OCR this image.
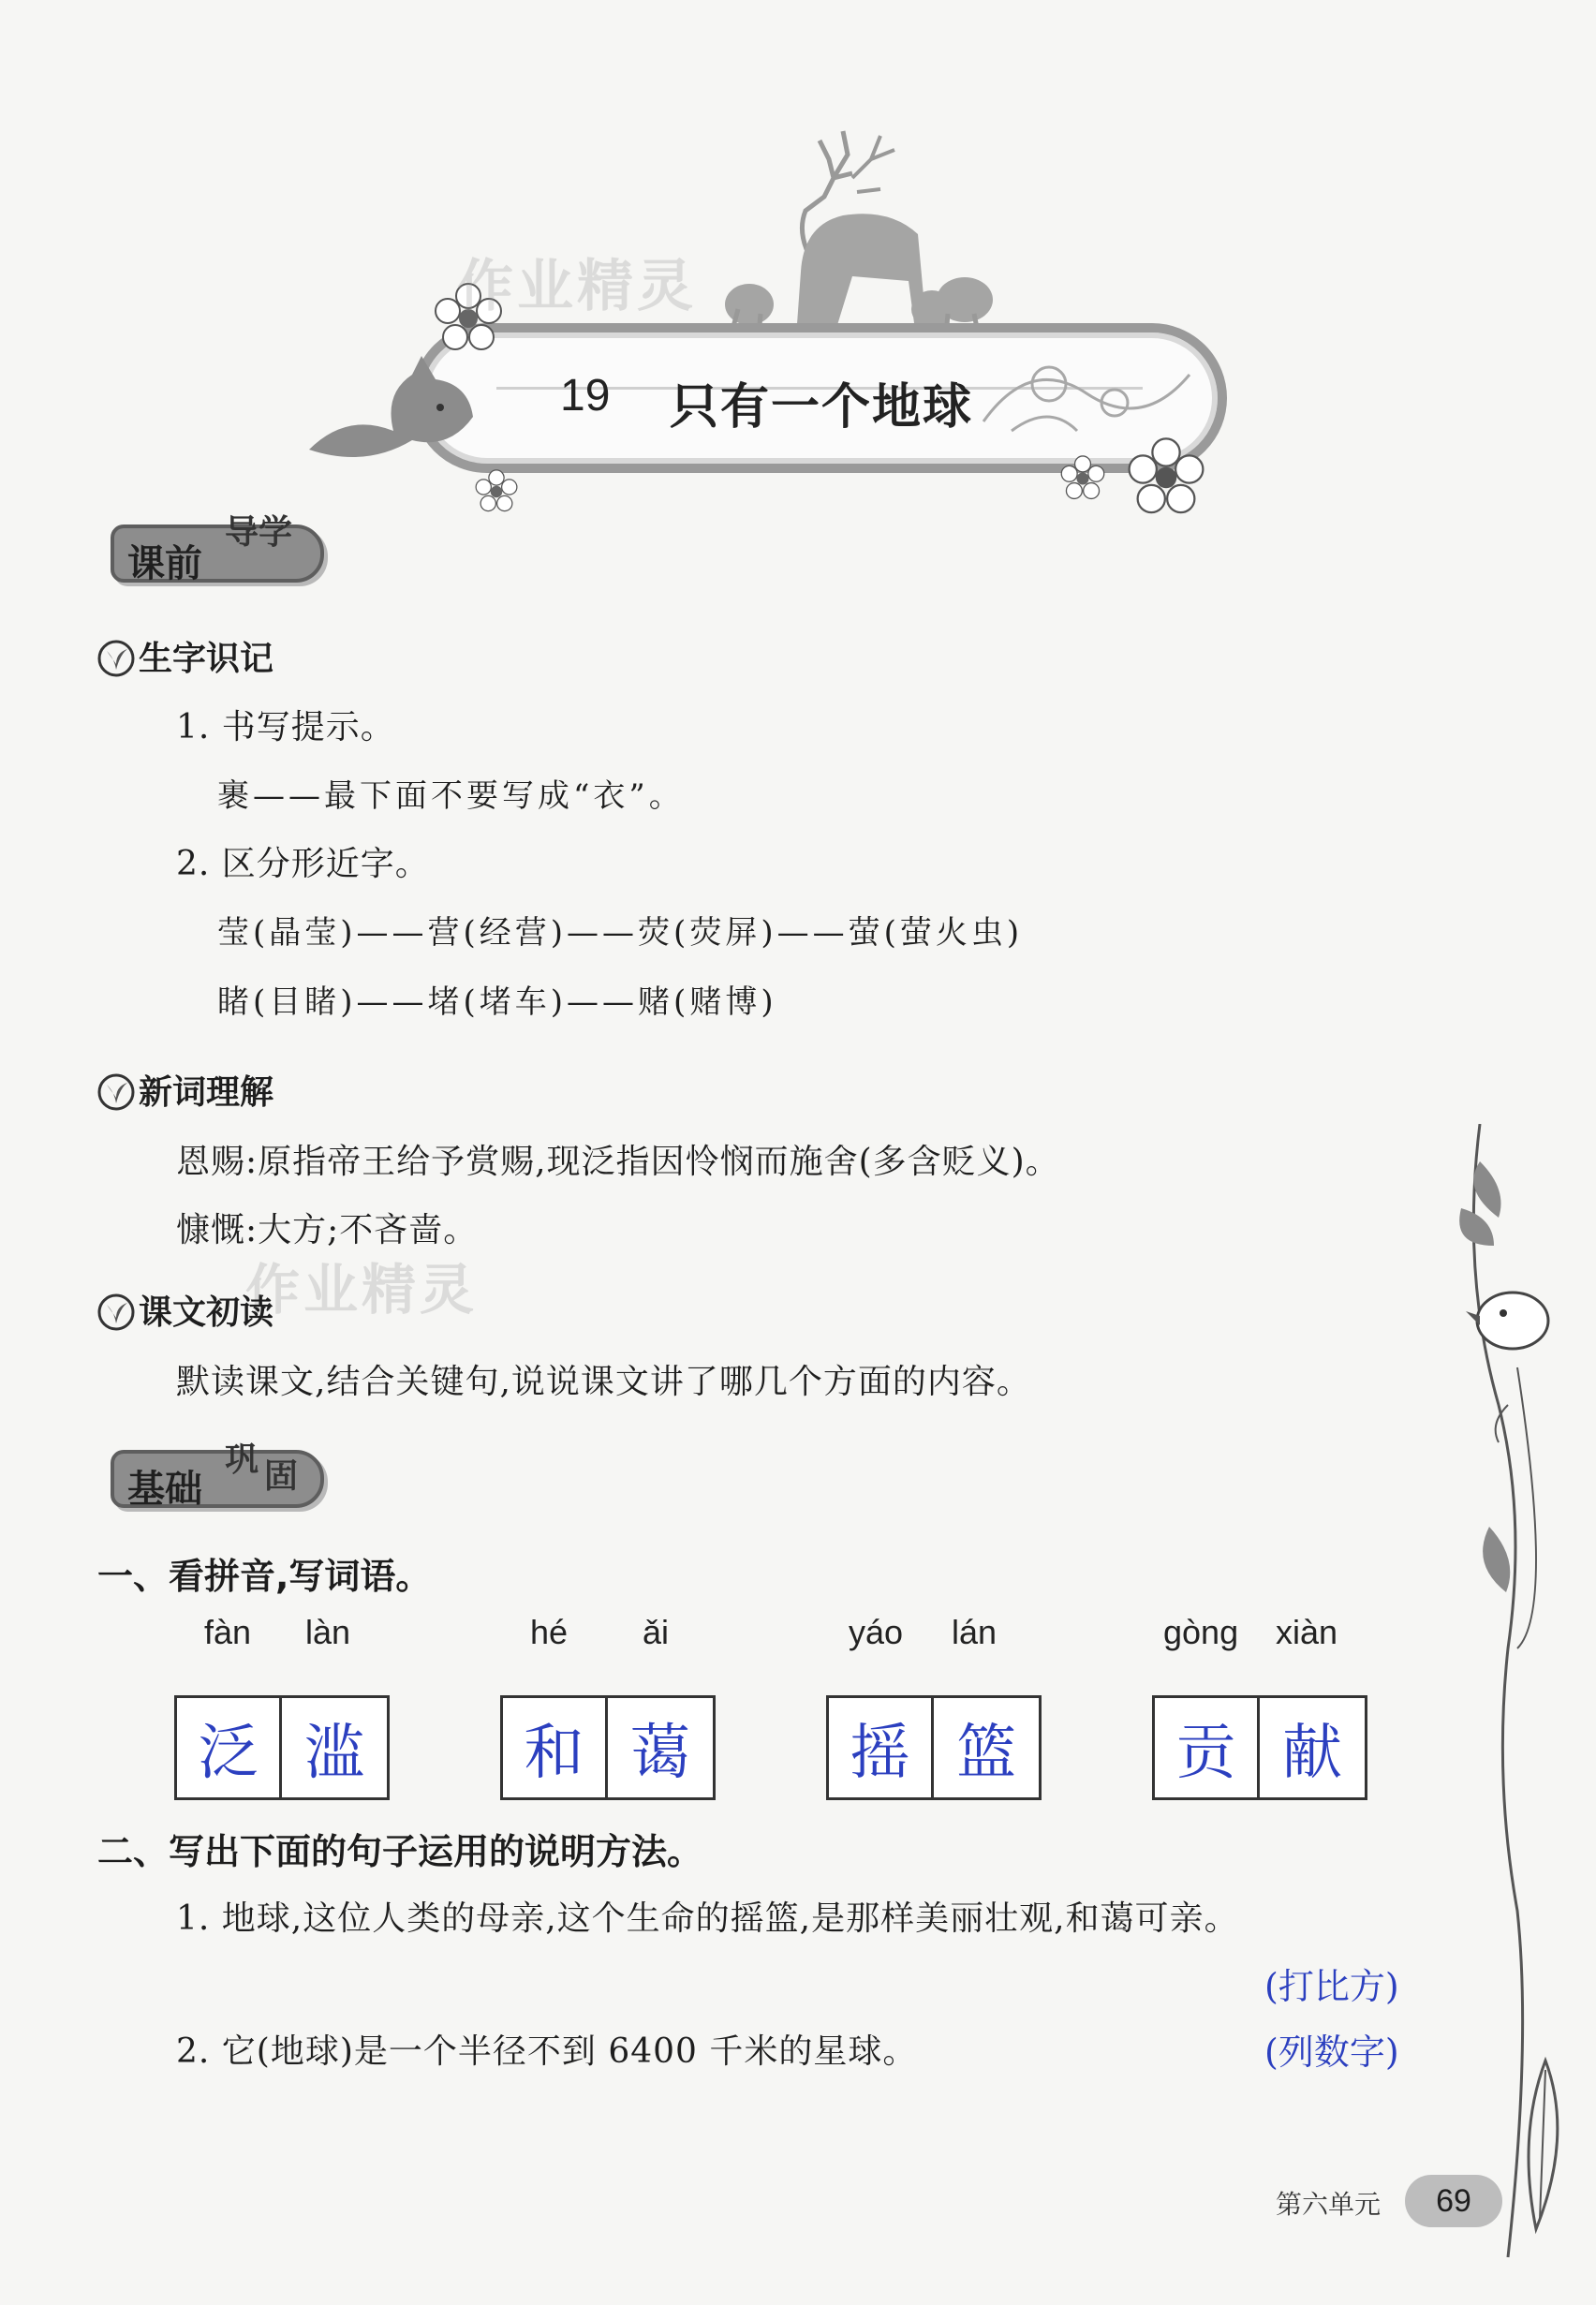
作业精灵
19 只有一个地球
课前
导学
生字识记
1. 书写提示。
裹——最下面不要写成“衣”。
2. 区分形近字。
莹(晶莹)——营(经营)——荧(荧屏)——萤(萤火虫)
睹(目睹)——堵(堵车)——赌(赌博)
新词理解
恩赐:原指帝王给予赏赐,现泛指因怜悯而施舍(多含贬义)。
慷慨:大方;不吝啬。
作业精灵
课文初读
默读课文,结合关键句,说说课文讲了哪几个方面的内容。
基础
巩 固
一、看拼音,写词语。
fàn làn
泛 滥
hé ǎi
和 蔼
yáo lán
摇 篮
gòng xiàn
贡 献
二、写出下面的句子运用的说明方法。
1. 地球,这位人类的母亲,这个生命的摇篮,是那样美丽壮观,和蔼可亲。
(打比方)
2. 它(地球)是一个半径不到 6400 千米的星球。	(列数字)
第六单元 69
